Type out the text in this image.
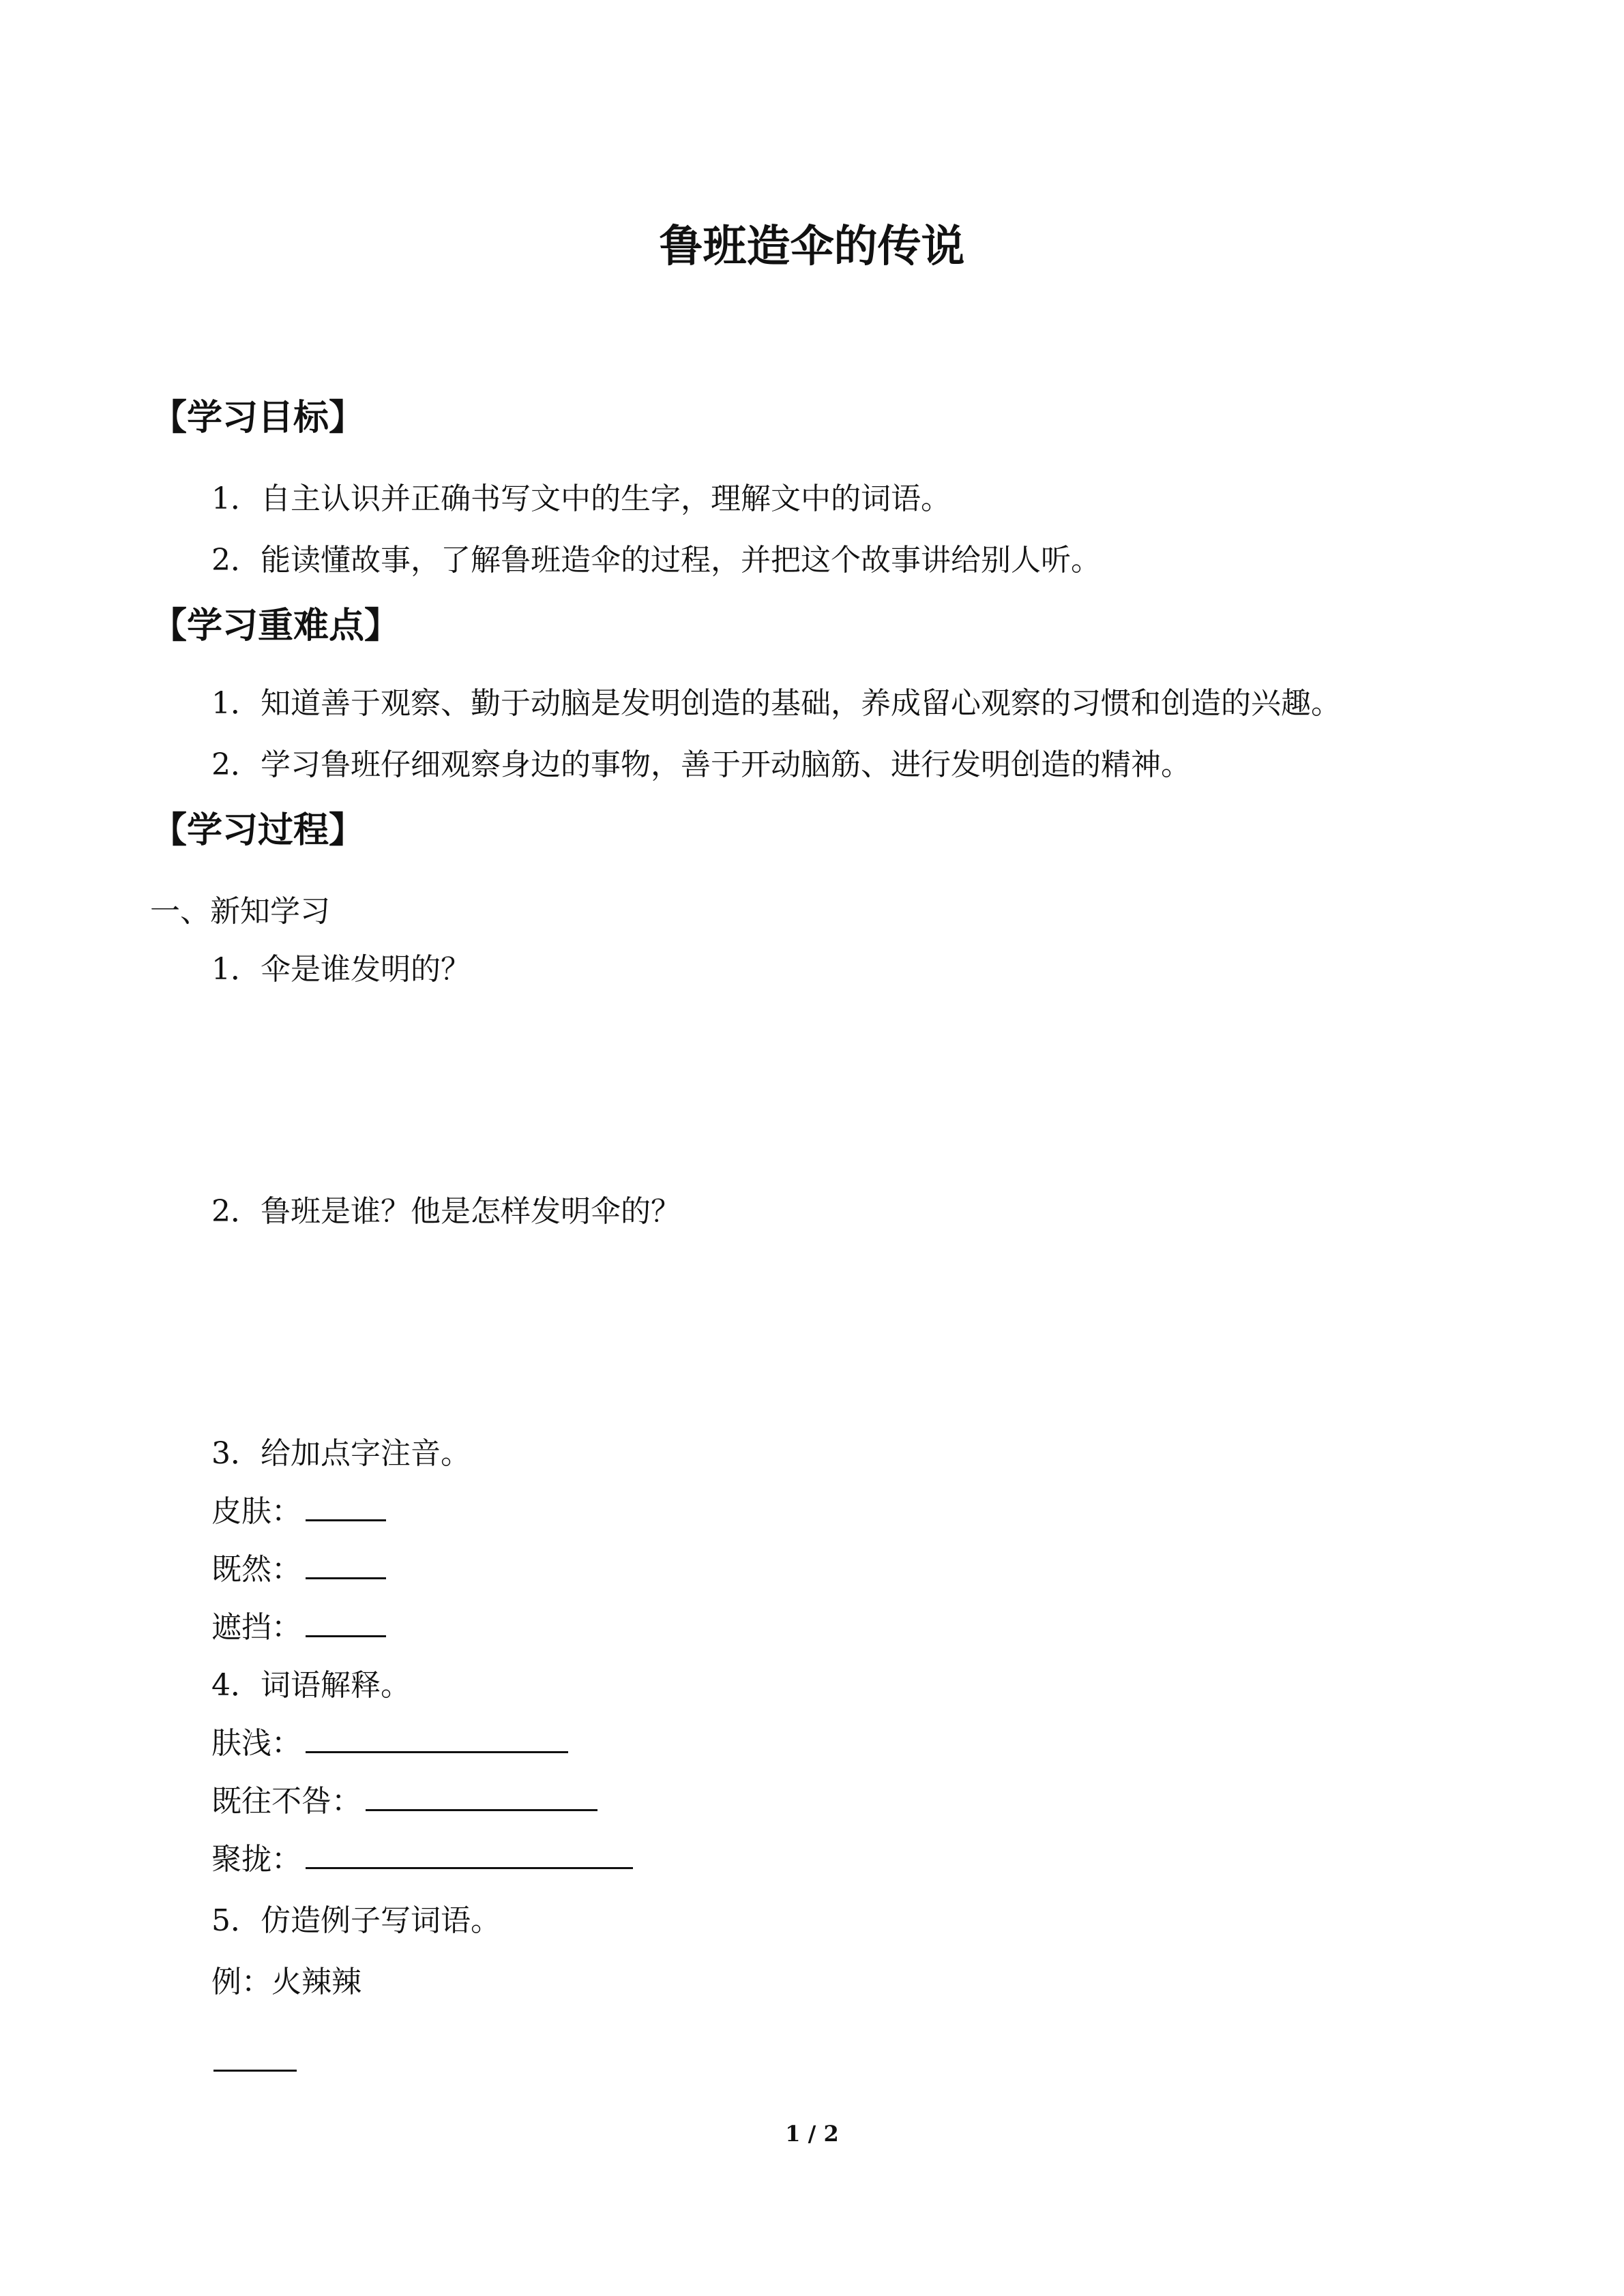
鲁班造伞的传说
【学习目标】
1．自主认识并正确书写文中的生字，理解文中的词语。
2．能读懂故事，了解鲁班造伞的过程，并把这个故事讲给别人听。
【学习重难点】
1．知道善于观察、勤于动脑是发明创造的基础，养成留心观察的习惯和创造的兴趣。
2．学习鲁班仔细观察身边的事物，善于开动脑筋、进行发明创造的精神。
【学习过程】
一、新知学习
1．伞是谁发明的？
2．鲁班是谁？他是怎样发明伞的？
3．给加点字注音。
皮肤：
既然：
遮挡：
4．词语解释。
肤浅：
既往不咎：
聚拢：
5．仿造例子写词语。
例：火辣辣
1 / 2
